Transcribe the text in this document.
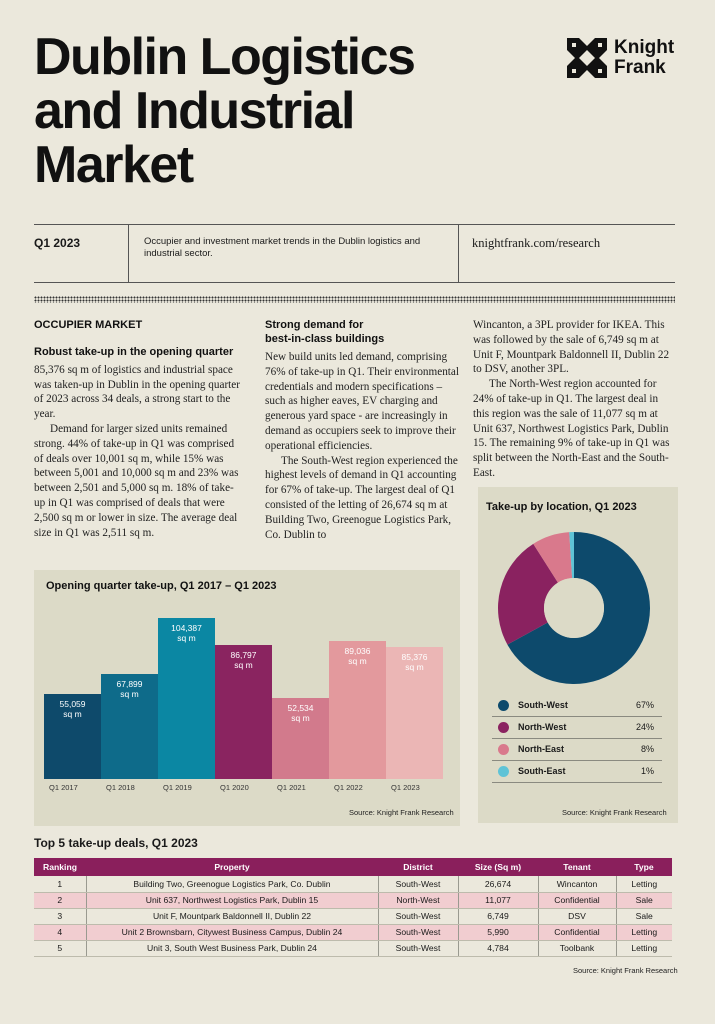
Dublin Logistics
and Industrial
Market
Knight
Frank
Q1 2023	Occupier and investment market trends in the Dublin logistics and industrial sector.
knightfrank.com/research
OCCUPIER MARKET
Robust take-up in the opening quarter

85,376 sq m of logistics and industrial space was taken-up in Dublin in the opening quarter of 2023 across 34 deals, a strong start to the year.

Demand for larger sized units remained strong. 44% of take-up in Q1 was comprised of deals over 10,001 sq m, while 15% was between 5,001 and 10,000 sq m and 23% was between 2,501 and 5,000 sq m. 18% of take-up in Q1 was comprised of deals that were 2,500 sq m or lower in size. The average deal size in Q1 was 2,511 sq m.

Strong demand for
best-in-class buildings

New build units led demand, comprising 76% of take-up in Q1. Their environmental credentials and modern specifications – such as higher eaves, EV charging and generous yard space - are increasingly in demand as occupiers seek to improve their operational efficiencies.

The South-West region experienced the highest levels of demand in Q1 accounting for 67% of take-up. The largest deal of Q1 consisted of the letting of 26,674 sq m at Building Two, Greenogue Logistics Park, Co. Dublin to

Wincanton, a 3PL provider for IKEA. This was followed by the sale of 6,749 sq m at Unit F, Mountpark Baldonnell II, Dublin 22 to DSV, another 3PL.

The North-West region accounted for 24% of take-up in Q1. The largest deal in this region was the sale of 11,077 sq m at Unit 637, Northwest Logistics Park, Dublin 15. The remaining 9% of take-up in Q1 was split between the North-East and the South-East.

Opening quarter take-up, Q1 2017 – Q1 2023
Source: Knight Frank Research
Take-up by location, Q1 2023
South-West	67%
North-West	24%
North-East	8%
South-East	1%
Source: Knight Frank Research
Top 5 take-up deals, Q1 2023
Ranking	Property	District	Size (Sq m)	Tenant	Type
1	Building Two, Greenogue Logistics Park, Co. Dublin	South-West	26,674	Wincanton	Letting
2	Unit 637, Northwest Logistics Park, Dublin 15	North-West	11,077	Confidential	Sale
3	Unit F, Mountpark Baldonnell II, Dublin 22	South-West	6,749	DSV	Sale
4	Unit 2 Brownsbarn, Citywest Business Campus, Dublin 24	South-West	5,990	Confidential	Letting
5	Unit 3, South West Business Park, Dublin 24	South-West	4,784	Toolbank	Letting
Source: Knight Frank Research
55,059
sq m
Q1 2017
67,899
sq m
Q1 2018
104,387
sq m
Q1 2019
86,797
sq m
Q1 2020
52,534
sq m
Q1 2021
89,036
sq m
Q1 2022
85,376
sq m
Q1 2023
